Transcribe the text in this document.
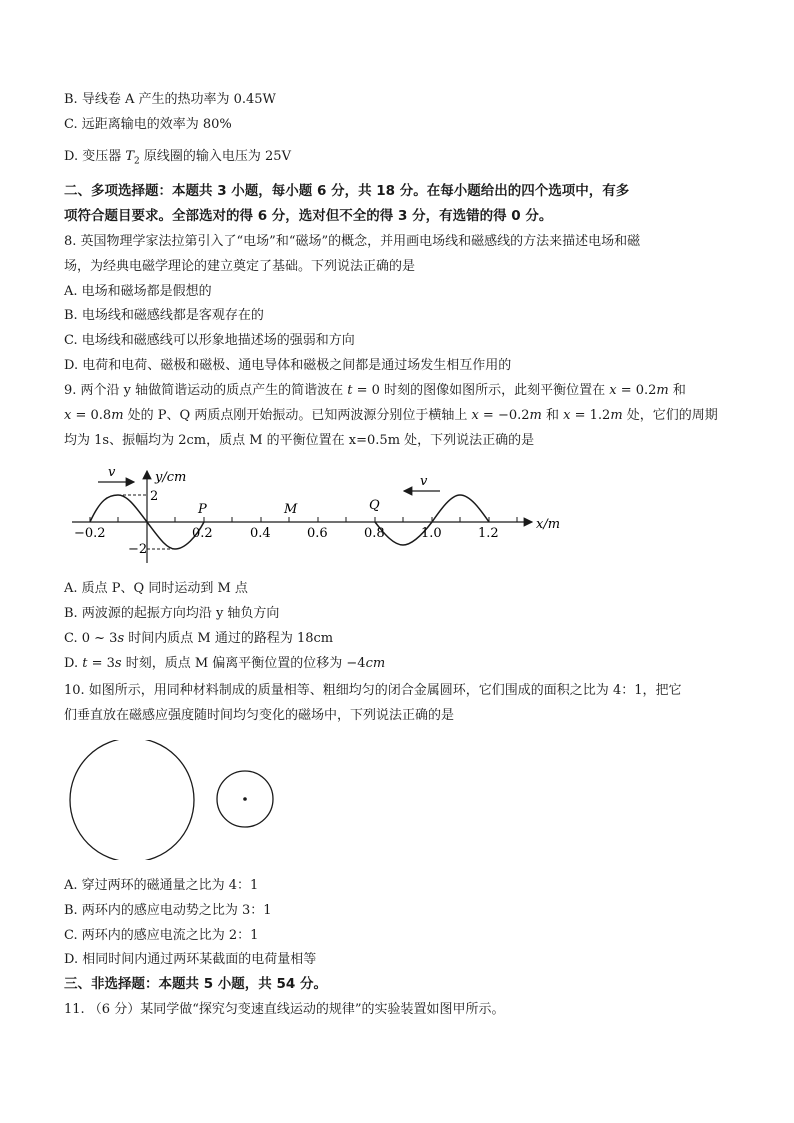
B. 导线卷 A 产生的热功率为 0.45W
C. 远距离输电的效率为 80%
D. 变压器 $T_2$ 原线圈的输入电压为 25V
二、多项选择题：本题共 3 小题，每小题 6 分，共 18 分。在每小题给出的四个选项中，有多
项符合题目要求。全部选对的得 6 分，选对但不全的得 3 分，有选错的得 0 分。
8. 英国物理学家法拉第引入了“电场”和“磁场”的概念，并用画电场线和磁感线的方法来描述电场和磁
场，为经典电磁学理论的建立奠定了基础。下列说法正确的是
A. 电场和磁场都是假想的
B. 电场线和磁感线都是客观存在的
C. 电场线和磁感线可以形象地描述场的强弱和方向
D. 电荷和电荷、磁极和磁极、通电导体和磁极之间都是通过场发生相互作用的
9. 两个沿 y 轴做简谐运动的质点产生的简谐波在 t = 0 时刻的图像如图所示，此刻平衡位置在 x = 0.2m 和
x = 0.8m 处的 P、Q 两质点刚开始振动。已知两波源分别位于横轴上 x = −0.2m 和 x = 1.2m 处，它们的周期
均为 1s、振幅均为 2cm，质点 M 的平衡位置在 x=0.5m 处，下列说法正确的是
v
v
y/cm
x/m
2
−2
P	M	Q
−0.2	0.2	0.4	0.6	0.8	1.0	1.2
A. 质点 P、Q 同时运动到 M 点
B. 两波源的起振方向均沿 y 轴负方向
C. 0 ~ 3s 时间内质点 M 通过的路程为 18cm
D. t = 3s 时刻，质点 M 偏离平衡位置的位移为 −4cm
10. 如图所示，用同种材料制成的质量相等、粗细均匀的闭合金属圆环，它们围成的面积之比为 4：1，把它
们垂直放在磁感应强度随时间均匀变化的磁场中，下列说法正确的是
A. 穿过两环的磁通量之比为 4：1
B. 两环内的感应电动势之比为 3：1
C. 两环内的感应电流之比为 2：1
D. 相同时间内通过两环某截面的电荷量相等
三、非选择题：本题共 5 小题，共 54 分。
11. （6 分）某同学做“探究匀变速直线运动的规律”的实验装置如图甲所示。
